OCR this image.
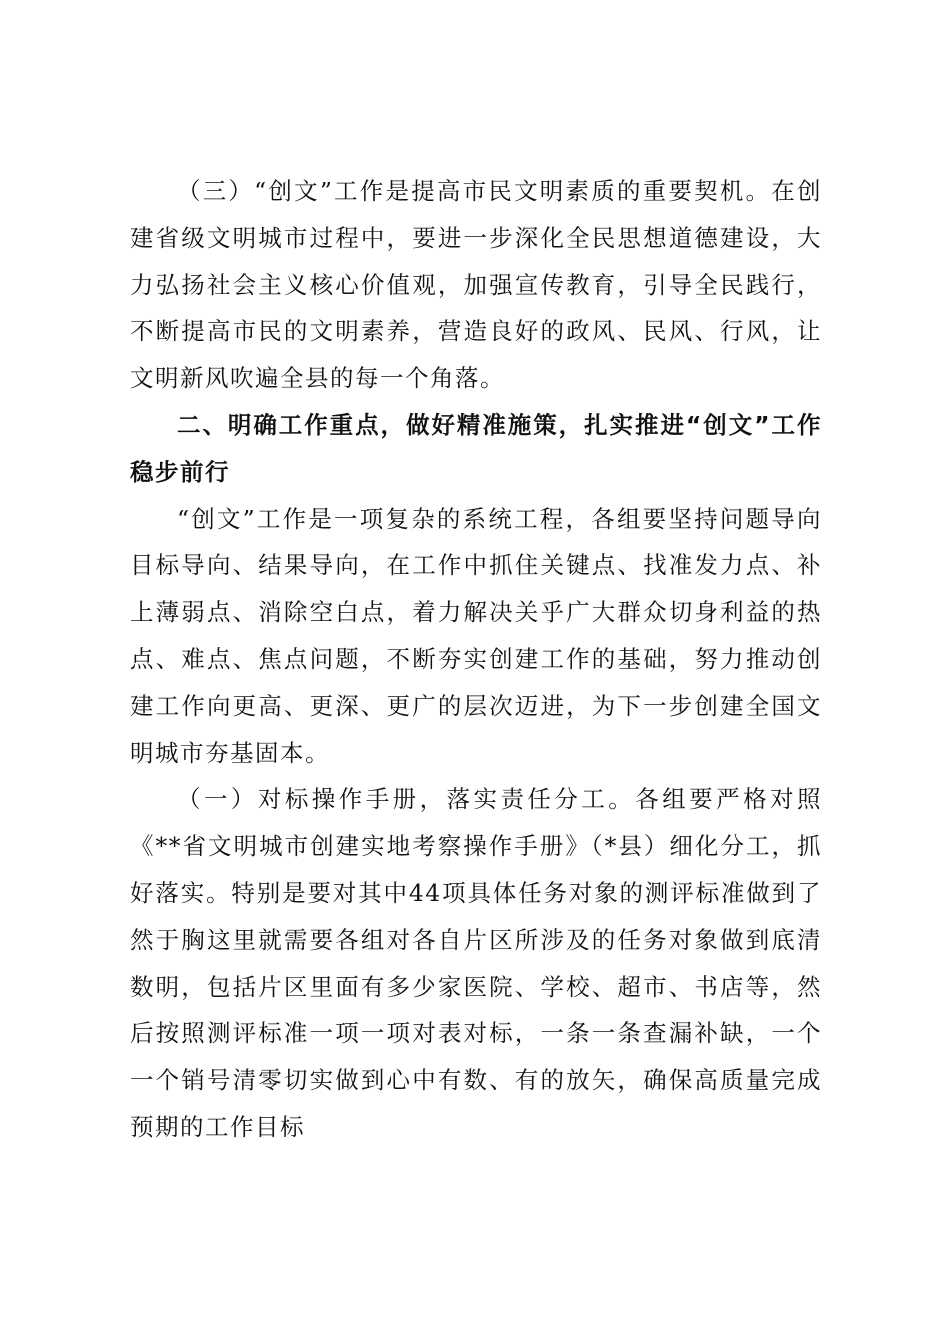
（三）“创文”工作是提高市民文明素质的重要契机。在创建省级文明城市过程中，要进一步深化全民思想道德建设，大力弘扬社会主义核心价值观，加强宣传教育，引导全民践行，不断提高市民的文明素养，营造良好的政风、民风、行风，让文明新风吹遍全县的每一个角落。

二、明确工作重点，做好精准施策，扎实推进“创文”工作稳步前行

“创文”工作是一项复杂的系统工程，各组要坚持问题导向目标导向、结果导向，在工作中抓住关键点、找准发力点、补上薄弱点、消除空白点，着力解决关乎广大群众切身利益的热点、难点、焦点问题，不断夯实创建工作的基础，努力推动创建工作向更高、更深、更广的层次迈进，为下一步创建全国文明城市夯基固本。

（一）对标操作手册，落实责任分工。各组要严格对照《**省文明城市创建实地考察操作手册》（*县）细化分工，抓好落实。特别是要对其中44项具体任务对象的测评标准做到了然于胸这里就需要各组对各自片区所涉及的任务对象做到底清数明，包括片区里面有多少家医院、学校、超市、书店等，然后按照测评标准一项一项对表对标，一条一条查漏补缺，一个一个销号清零切实做到心中有数、有的放矢，确保高质量完成预期的工作目标
